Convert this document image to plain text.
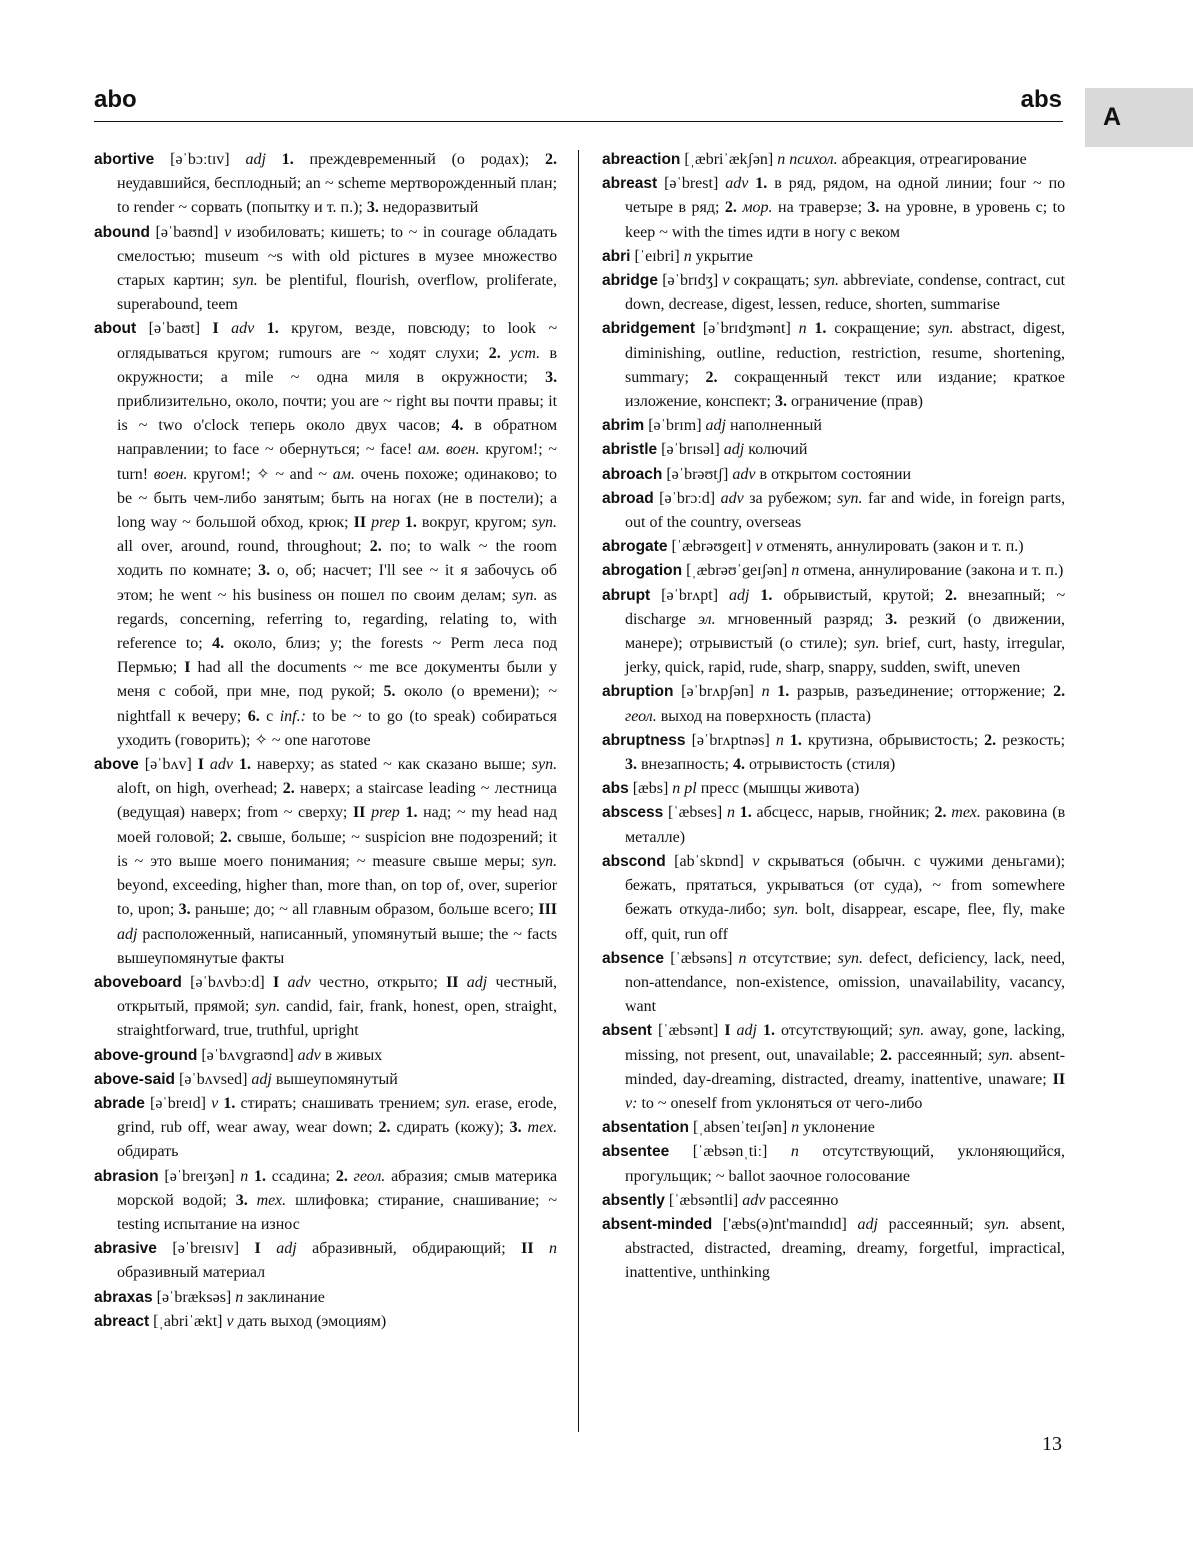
abo	abs
A

abortive [əˈbɔːtɪv] adj 1. преждевременный (о родах); 2. неудавшийся, бесплодный; an ~ scheme мертворожденный план; to render ~ сорвать (попытку и т. п.); 3. недоразвитый

abound [əˈbaʊnd] v изобиловать; кишеть; to ~ in courage обладать смелостью; museum ~s with old pictures в музее множество старых картин; syn. be plentiful, flourish, overflow, proliferate, superabound, teem

about [əˈbaʊt] I adv 1. кругом, везде, повсюду; to look ~ оглядываться кругом; rumours are ~ ходят слухи; 2. уст. в окружности; a mile ~ одна миля в окружности; 3. приблизительно, около, почти; you are ~ right вы почти правы; it is ~ two o'clock теперь около двух часов; 4. в обратном направлении; to face ~ обернуться; ~ face! ам. воен. кругом!; ~ turn! воен. кругом!; ✧ ~ and ~ ам. очень похоже; одинаково; to be ~ быть чем-либо занятым; быть на ногах (не в постели); a long way ~ большой обход, крюк; II prep 1. вокруг, кругом; syn. all over, around, round, throughout; 2. по; to walk ~ the room ходить по комнате; 3. о, об; насчет; I'll see ~ it я забочусь об этом; he went ~ his business он пошел по своим делам; syn. as regards, concerning, referring to, regarding, relating to, with reference to; 4. около, близ; у; the forests ~ Perm леса под Пермью; I had all the documents ~ me все документы были у меня с собой, при мне, под рукой; 5. около (о времени); ~ nightfall к вечеру; 6. с inf.: to be ~ to go (to speak) собираться уходить (говорить); ✧ ~ one наготове

above [əˈbʌv] I adv 1. наверху; as stated ~ как сказано выше; syn. aloft, on high, overhead; 2. наверх; a staircase leading ~ лестница (ведущая) наверх; from ~ сверху; II prep 1. над; ~ my head над моей головой; 2. свыше, больше; ~ suspicion вне подозрений; it is ~ это выше моего понимания; ~ measure свыше меры; syn. beyond, exceeding, higher than, more than, on top of, over, superior to, upon; 3. раньше; до; ~ all главным образом, больше всего; III adj расположенный, написанный, упомянутый выше; the ~ facts вышеупомянутые факты

aboveboard [əˈbʌvbɔːd] I adv честно, открыто; II adj честный, открытый, прямой; syn. candid, fair, frank, honest, open, straight, straightforward, true, truthful, upright

above-ground [əˈbʌvgraʊnd] adv в живых

above-said [əˈbʌvsed] adj вышеупомянутый

abrade [əˈbreɪd] v 1. стирать; снашивать трением; syn. erase, erode, grind, rub off, wear away, wear down; 2. сдирать (кожу); 3. тех. обдирать

abrasion [əˈbreɪʒən] n 1. ссадина; 2. геол. абразия; смыв материка морской водой; 3. тех. шлифовка; стирание, снашивание; ~ testing испытание на износ

abrasive [əˈbreɪsɪv] I adj абразивный, обдирающий; II n образивный материал

abraxas [əˈbræksəs] n заклинание

abreact [ˌabriˈækt] v дать выход (эмоциям)

abreaction [ˌæbriˈækʃən] n психол. абреакция, отреагирование

abreast [əˈbrest] adv 1. в ряд, рядом, на одной линии; four ~ по четыре в ряд; 2. мор. на траверзе; 3. на уровне, в уровень с; to keep ~ with the times идти в ногу с веком

abri [ˈeɪbri] n укрытие

abridge [əˈbrɪdʒ] v сокращать; syn. abbreviate, condense, contract, cut down, decrease, digest, lessen, reduce, shorten, summarise

abridgement [əˈbrɪdʒmənt] n 1. сокращение; syn. abstract, digest, diminishing, outline, reduction, restriction, resume, shortening, summary; 2. сокращенный текст или издание; краткое изложение, конспект; 3. ограничение (прав)

abrim [əˈbrɪm] adj наполненный

abristle [əˈbrɪsəl] adj колючий

abroach [əˈbrəʊtʃ] adv в открытом состоянии

abroad [əˈbrɔːd] adv за рубежом; syn. far and wide, in foreign parts, out of the country, overseas

abrogate [ˈæbrəʊgeɪt] v отменять, аннулировать (закон и т. п.)

abrogation [ˌæbrəʊˈgeɪʃən] n отмена, аннулирование (закона и т. п.)

abrupt [əˈbrʌpt] adj 1. обрывистый, крутой; 2. внезапный; ~ discharge эл. мгновенный разряд; 3. резкий (о движении, манере); отрывистый (о стиле); syn. brief, curt, hasty, irregular, jerky, quick, rapid, rude, sharp, snappy, sudden, swift, uneven

abruption [əˈbrʌpʃən] n 1. разрыв, разъединение; отторжение; 2. геол. выход на поверхность (пласта)

abruptness [əˈbrʌptnəs] n 1. крутизна, обрывистость; 2. резкость; 3. внезапность; 4. отрывистость (стиля)

abs [æbs] n pl пресс (мышцы живота)

abscess [ˈæbses] n 1. абсцесс, нарыв, гнойник; 2. тех. раковина (в металле)

abscond [abˈskɒnd] v скрываться (обычн. с чужими деньгами); бежать, прятаться, укрываться (от суда), ~ from somewhere бежать откуда-либо; syn. bolt, disappear, escape, flee, fly, make off, quit, run off

absence [ˈæbsəns] n отсутствие; syn. defect, deficiency, lack, need, non-attendance, non-existence, omission, unavailability, vacancy, want

absent [ˈæbsənt] I adj 1. отсутствующий; syn. away, gone, lacking, missing, not present, out, unavailable; 2. рассеянный; syn. absent-minded, day-dreaming, distracted, dreamy, inattentive, unaware; II v: to ~ oneself from уклоняться от чего-либо

absentation [ˌabsenˈteɪʃən] n уклонение

absentee [ˈæbsənˌtiː] n отсутствующий, уклоняющийся, прогульщик; ~ ballot заочное голосование

absently [ˈæbsəntli] adv рассеянно

absent-minded ['æbs(ə)nt'maɪndɪd] adj рассеянный; syn. absent, abstracted, distracted, dreaming, dreamy, forgetful, impractical, inattentive, unthinking

13
